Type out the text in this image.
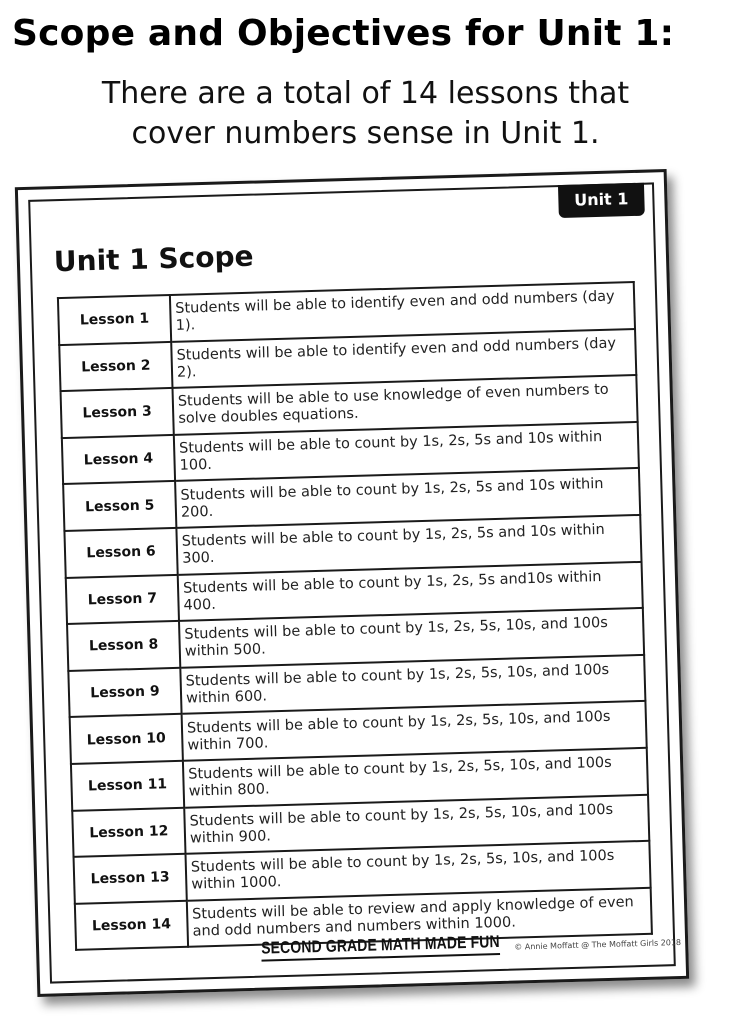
Scope and Objectives for Unit 1:
There are a total of 14 lessons that
cover numbers sense in Unit 1.
Unit 1
Unit 1 Scope
Lesson 1	Students will be able to identify even and odd numbers (day 1).
Lesson 2	Students will be able to identify even and odd numbers (day 2).
Lesson 3	Students will be able to use knowledge of even numbers to solve doubles equations.
Lesson 4	Students will be able to count by 1s, 2s, 5s and 10s within 100.
Lesson 5	Students will be able to count by 1s, 2s, 5s and 10s within 200.
Lesson 6	Students will be able to count by 1s, 2s, 5s and 10s within 300.
Lesson 7	Students will be able to count by 1s, 2s, 5s and10s within 400.
Lesson 8	Students will be able to count by 1s, 2s, 5s, 10s, and 100s within 500.
Lesson 9	Students will be able to count by 1s, 2s, 5s, 10s, and 100s within 600.
Lesson 10	Students will be able to count by 1s, 2s, 5s, 10s, and 100s within 700.
Lesson 11	Students will be able to count by 1s, 2s, 5s, 10s, and 100s within 800.
Lesson 12	Students will be able to count by 1s, 2s, 5s, 10s, and 100s within 900.
Lesson 13	Students will be able to count by 1s, 2s, 5s, 10s, and 100s within 1000.
Lesson 14	Students will be able to review and apply knowledge of even and odd numbers and numbers within 1000.
SECOND GRADE MATH MADE FUN © Annie Moffatt @ The Moffatt Girls 2018
